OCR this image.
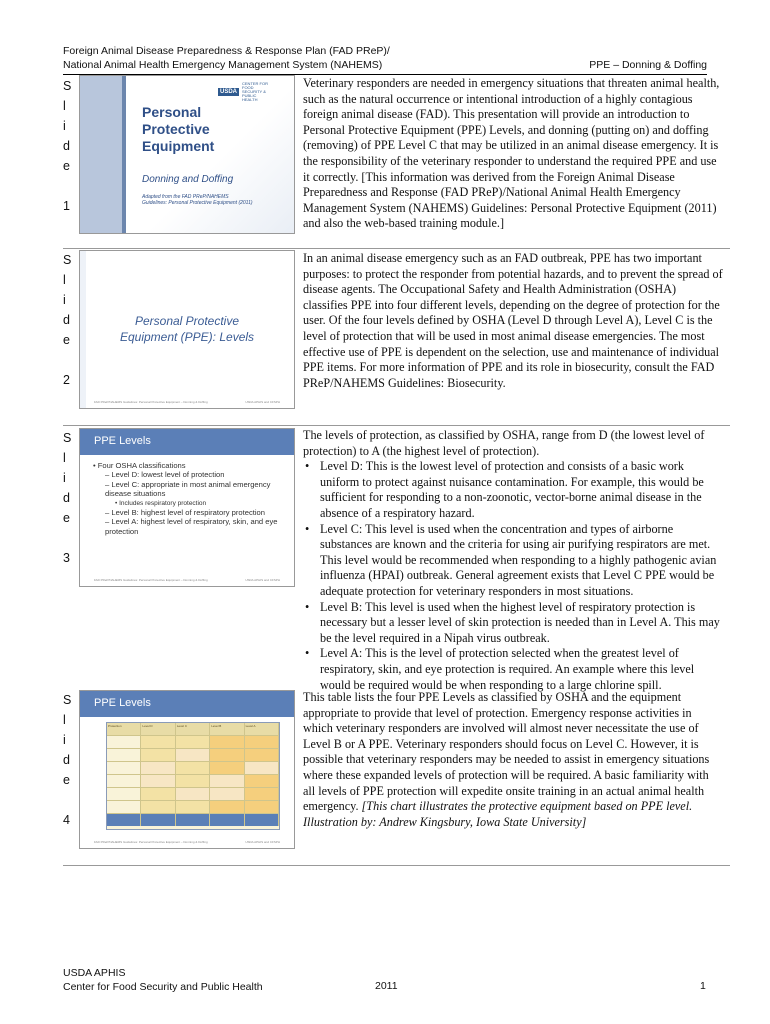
Foreign Animal Disease Preparedness & Response Plan (FAD PReP)/
National Animal Health Emergency Management System (NAHEMS)	PPE – Donning & Doffing
S
l
i
d
e
1
USDA
CENTER FOR FOOD SECURITY & PUBLIC HEALTH
Personal
Protective
Equipment
Donning and Doffing
Adapted from the FAD PReP/NAHEMS
Guidelines: Personal Protective Equipment (2011)

Veterinary responders are needed in emergency situations that threaten animal health, such as the natural occurrence or intentional introduction of a highly contagious foreign animal disease (FAD). This presentation will provide an introduction to Personal Protective Equipment (PPE) Levels, and donning (putting on) and doffing (removing) of PPE Level C that may be utilized in an animal disease emergency. It is the responsibility of the veterinary responder to understand the required PPE and use it correctly. [This information was derived from the Foreign Animal Disease Preparedness and Response (FAD PReP)/National Animal Health Emergency Management System (NAHEMS) Guidelines: Personal Protective Equipment (2011) and also the web-based training module.]

S
l
i
d
e
2
Personal Protective
Equipment (PPE): Levels
FAD PReP/NAHEMS Guidelines: Personal Protective Equipment – Donning & Doffing	USDA APHIS and CFSPH

In an animal disease emergency such as an FAD outbreak, PPE has two important purposes: to protect the responder from potential hazards, and to prevent the spread of disease agents. The Occupational Safety and Health Administration (OSHA) classifies PPE into four different levels, depending on the degree of protection for the user. Of the four levels defined by OSHA (Level D through Level A), Level C is the level of protection that will be used in most animal disease emergencies. The most effective use of PPE is dependent on the selection, use and maintenance of individual PPE items. For more information of PPE and its role in biosecurity, consult the FAD PReP/NAHEMS Guidelines: Biosecurity.

S
l
i
d
e
3
PPE Levels
• Four OSHA classifications
– Level D: lowest level of protection
– Level C: appropriate in most animal emergency disease situations
• Includes respiratory protection
– Level B: highest level of respiratory protection
– Level A: highest level of respiratory, skin, and eye protection
FAD PReP/NAHEMS Guidelines: Personal Protective Equipment – Donning & Doffing	USDA APHIS and CFSPH

The levels of protection, as classified by OSHA, range from D (the lowest level of protection) to A (the highest level of protection).

• Level D: This is the lowest level of protection and consists of a basic work uniform to protect against nuisance contamination. For example, this would be sufficient for responding to a non-zoonotic, vector-borne animal disease in the absence of a respiratory hazard.
• Level C: This level is used when the concentration and types of airborne substances are known and the criteria for using air purifying respirators are met. This level would be recommended when responding to a highly pathogenic avian influenza (HPAI) outbreak. General agreement exists that Level C PPE would be adequate protection for veterinary responders in most situations.
• Level B: This level is used when the highest level of respiratory protection is necessary but a lesser level of skin protection is needed than in Level A. This may be the level required in a Nipah virus outbreak.
• Level A: This is the level of protection selected when the greatest level of respiratory, skin, and eye protection is required. An example where this level would be required would be when responding to a large chlorine spill.
S
l
i
d
e
4
PPE Levels
Protection	Level D	Level C	Level B	Level A
FAD PReP/NAHEMS Guidelines: Personal Protective Equipment – Donning & Doffing	USDA APHIS and CFSPH

This table lists the four PPE Levels as classified by OSHA and the equipment appropriate to provide that level of protection. Emergency response activities in which veterinary responders are involved will almost never necessitate the use of Level B or A PPE. Veterinary responders should focus on Level C. However, it is possible that veterinary responders may be needed to assist in emergency situations where these expanded levels of protection will be required. A basic familiarity with all levels of PPE protection will expedite onsite training in an actual animal health emergency. [This chart illustrates the protective equipment based on PPE level. Illustration by: Andrew Kingsbury, Iowa State University]

USDA APHIS
Center for Food Security and Public Health	2011	1
